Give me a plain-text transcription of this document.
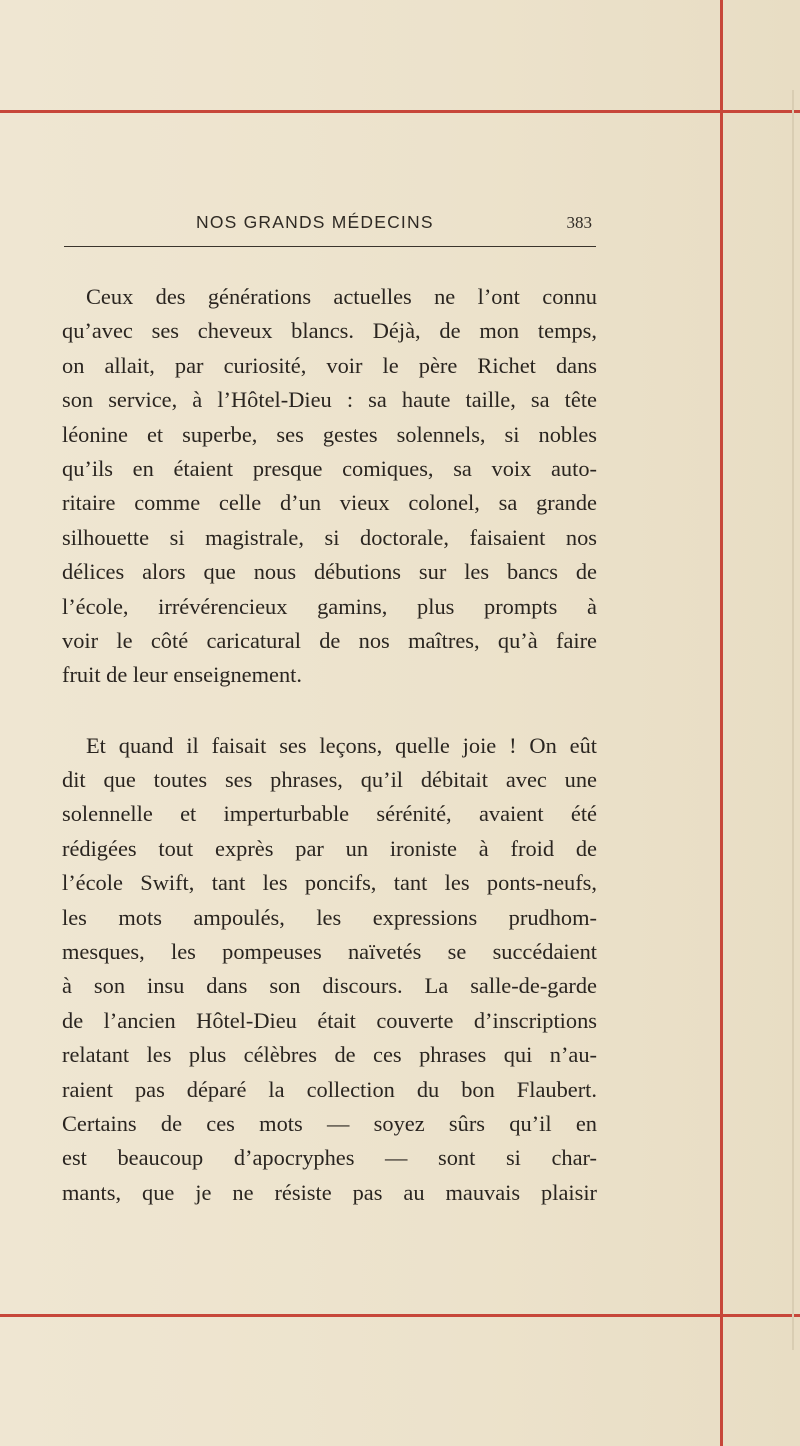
NOS GRANDS MÉDECINS	383
Ceux des générations actuelles ne l’ont connu
qu’avec ses cheveux blancs. Déjà, de mon temps,
on allait, par curiosité, voir le père Richet dans
son service, à l’Hôtel-Dieu : sa haute taille, sa tête
léonine et superbe, ses gestes solennels, si nobles
qu’ils en étaient presque comiques, sa voix auto-
ritaire comme celle d’un vieux colonel, sa grande
silhouette si magistrale, si doctorale, faisaient nos
délices alors que nous débutions sur les bancs de
l’école, irrévérencieux gamins, plus prompts à
voir le côté caricatural de nos maîtres, qu’à faire
fruit de leur enseignement.
Et quand il faisait ses leçons, quelle joie ! On eût
dit que toutes ses phrases, qu’il débitait avec une
solennelle et imperturbable sérénité, avaient été
rédigées tout exprès par un ironiste à froid de
l’école Swift, tant les poncifs, tant les ponts-neufs,
les mots ampoulés, les expressions prudhom-
mesques, les pompeuses naïvetés se succédaient
à son insu dans son discours. La salle-de-garde
de l’ancien Hôtel-Dieu était couverte d’inscriptions
relatant les plus célèbres de ces phrases qui n’au-
raient pas déparé la collection du bon Flaubert.
Certains de ces mots — soyez sûrs qu’il en
est beaucoup d’apocryphes — sont si char-
mants, que je ne résiste pas au mauvais plaisir
